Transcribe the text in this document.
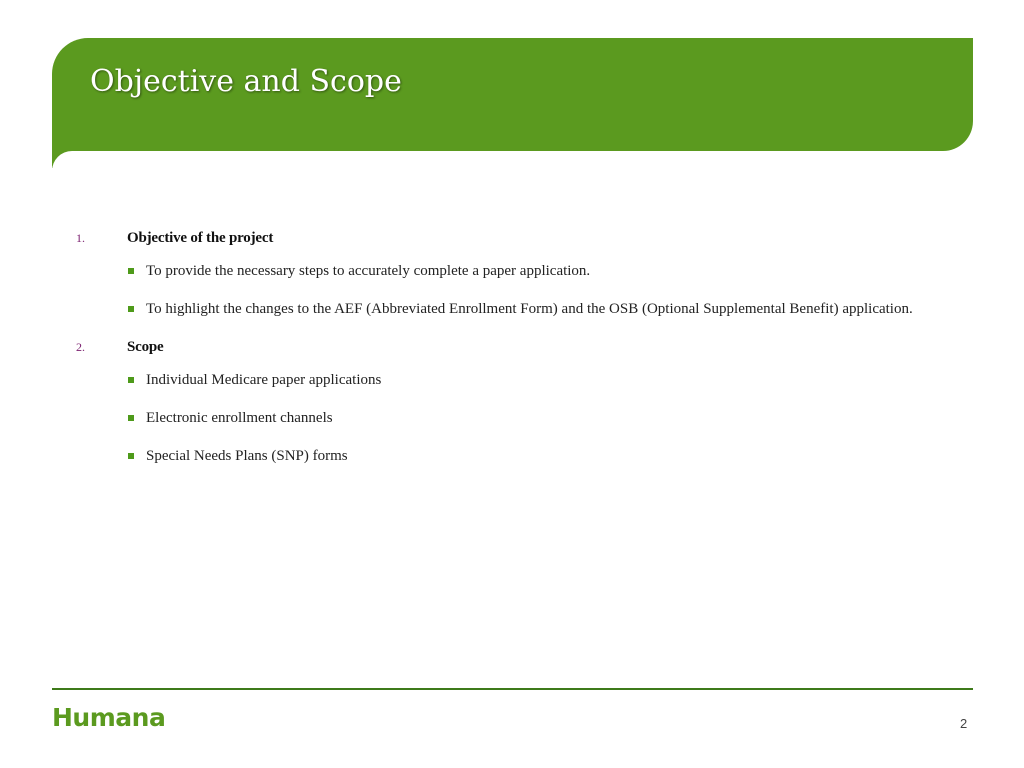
Objective and Scope
1.	Objective of the project
To provide the necessary steps to accurately complete a paper application.
To highlight the changes to the AEF (Abbreviated Enrollment Form) and the OSB (Optional Supplemental Benefit) application.
2.	Scope
Individual Medicare paper applications
Electronic enrollment channels
Special Needs Plans (SNP) forms
Humana	2
